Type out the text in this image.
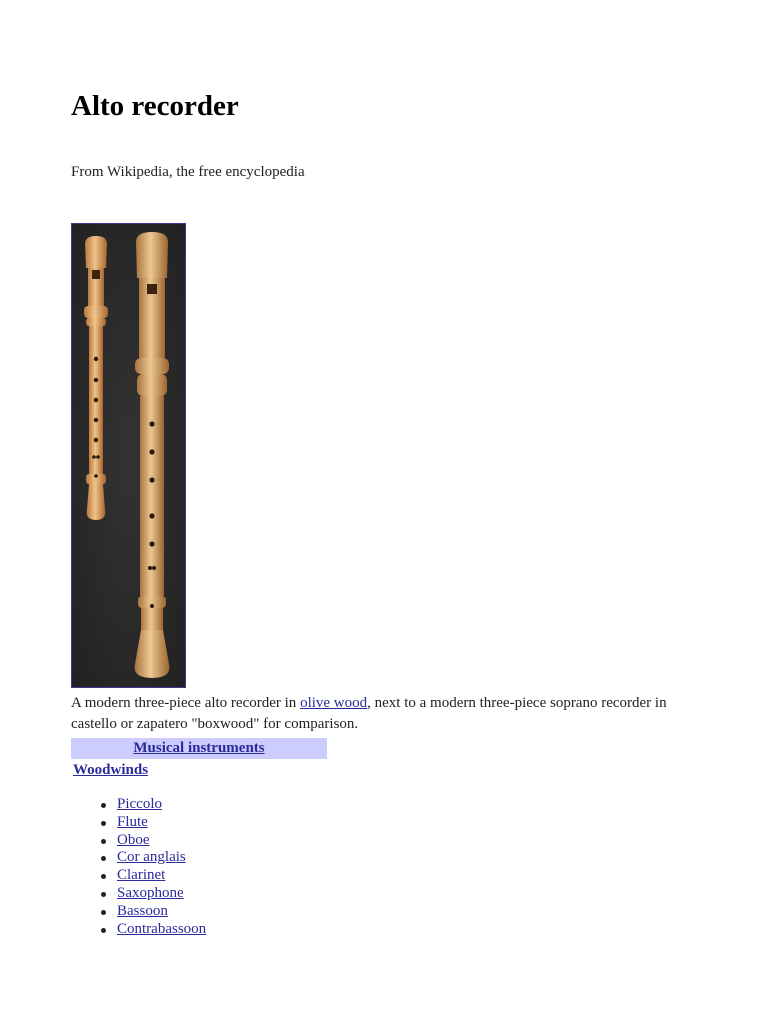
Alto recorder

From Wikipedia, the free encyclopedia

A modern three-piece alto recorder in olive wood, next to a modern three-piece soprano recorder in castello or zapatero "boxwood" for comparison.

Musical instruments
Woodwinds
Piccolo
Flute
Oboe
Cor anglais
Clarinet
Saxophone
Bassoon
Contrabassoon
